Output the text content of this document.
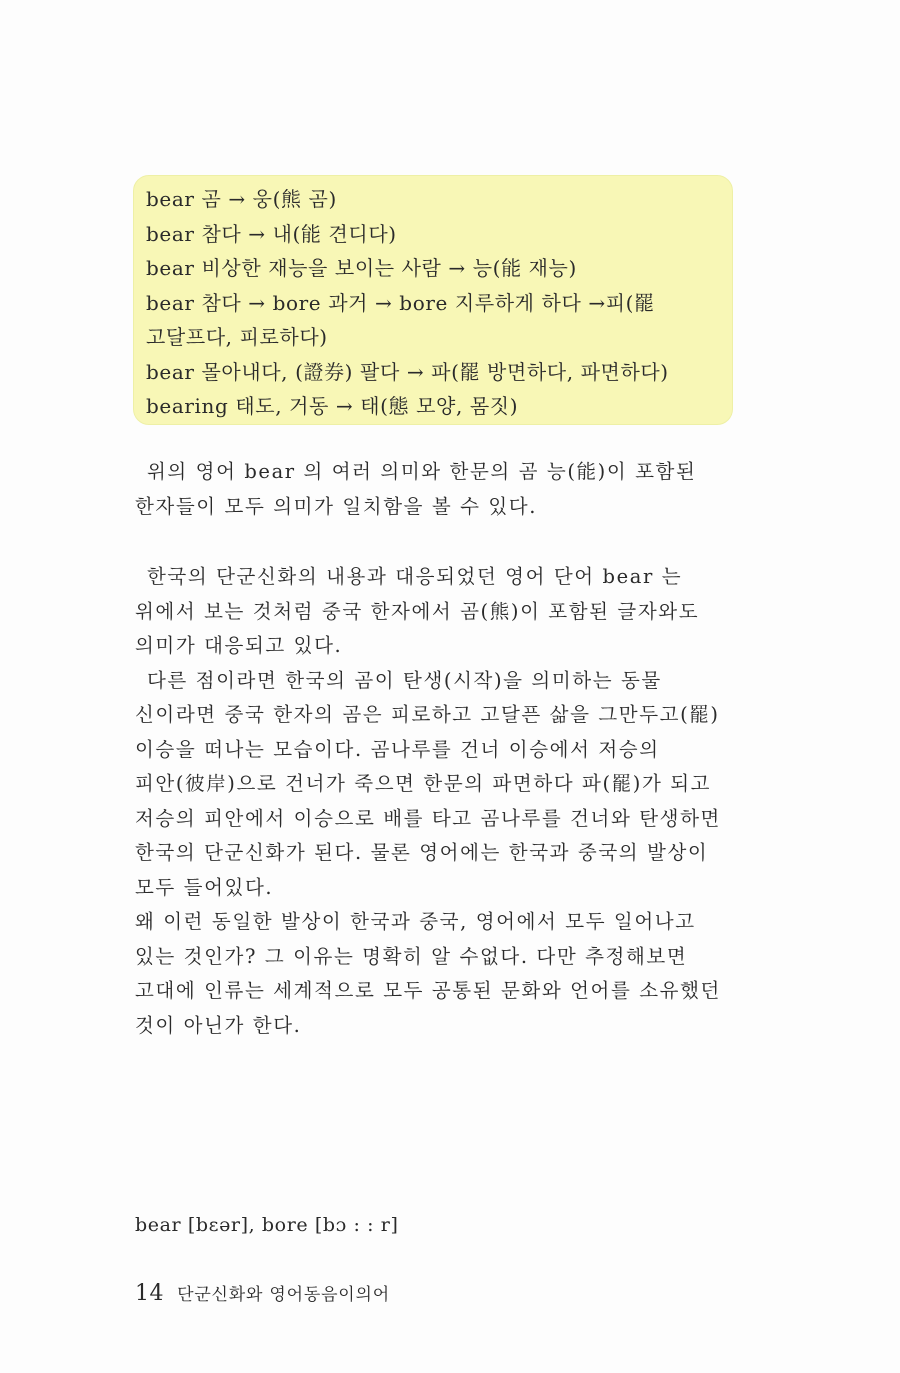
bear 곰 → 웅(熊 곰)
bear 참다 → 내(能 견디다)
bear 비상한 재능을 보이는 사람 → 능(能 재능)
bear 참다 → bore 과거 → bore 지루하게 하다 →피(罷
고달프다, 피로하다)
bear 몰아내다, (證券) 팔다 → 파(罷 방면하다, 파면하다)
bearing 태도, 거동 → 태(態 모양, 몸짓)
위의 영어 bear 의 여러 의미와 한문의 곰 능(能)이 포함된
한자들이 모두 의미가 일치함을 볼 수 있다.
한국의 단군신화의 내용과 대응되었던 영어 단어 bear 는
위에서 보는 것처럼 중국 한자에서 곰(熊)이 포함된 글자와도
의미가 대응되고 있다.
다른 점이라면 한국의 곰이 탄생(시작)을 의미하는 동물
신이라면 중국 한자의 곰은 피로하고 고달픈 삶을 그만두고(罷)
이승을 떠나는 모습이다. 곰나루를 건너 이승에서 저승의
피안(彼岸)으로 건너가 죽으면 한문의 파면하다 파(罷)가 되고
저승의 피안에서 이승으로 배를 타고 곰나루를 건너와 탄생하면
한국의 단군신화가 된다. 물론 영어에는 한국과 중국의 발상이
모두 들어있다.
왜 이런 동일한 발상이 한국과 중국, 영어에서 모두 일어나고
있는 것인가? 그 이유는 명확히 알 수없다. 다만 추정해보면
고대에 인류는 세계적으로 모두 공통된 문화와 언어를 소유했던
것이 아닌가 한다.
bear [bɛər], bore [bɔ : : r]
14 단군신화와 영어동음이의어
